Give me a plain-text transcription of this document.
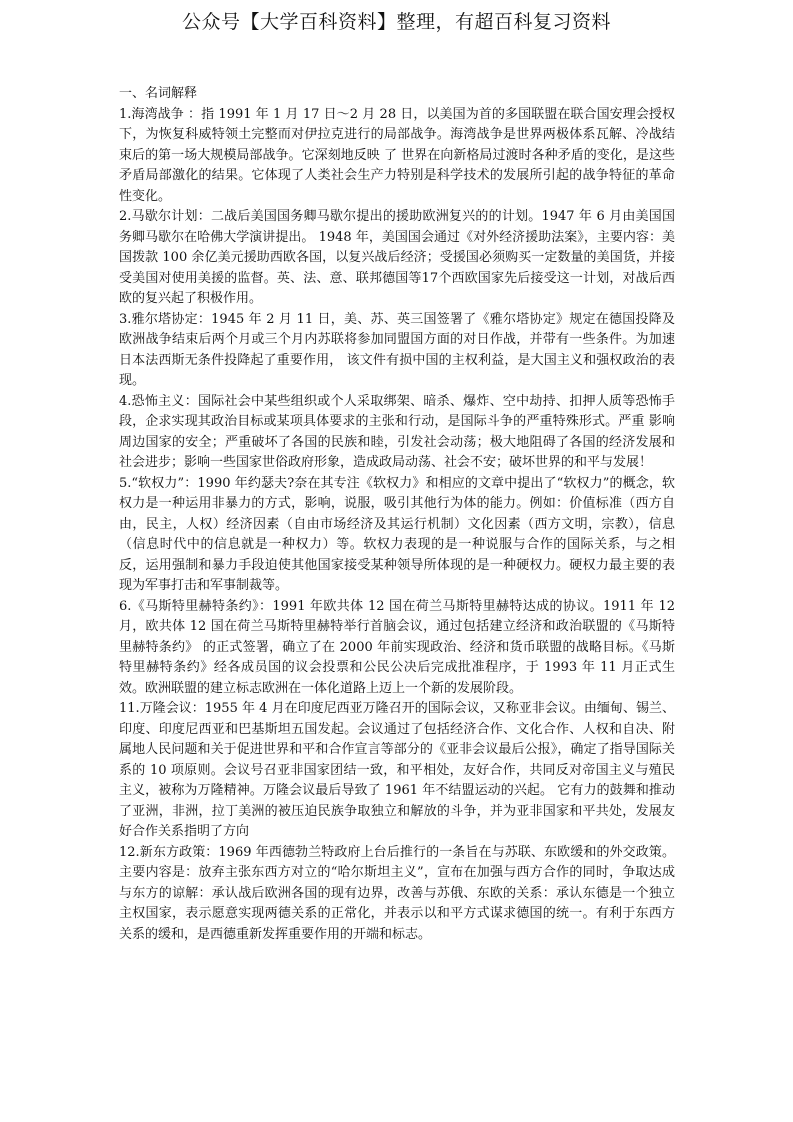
公众号【大学百科资料】整理，有超百科复习资料

一、名词解释

1.海湾战争 ：指 1991 年 1 月 17 日～2 月 28 日，以美国为首的多国联盟在联合国安理会授权下，为恢复科威特领土完整而对伊拉克进行的局部战争。海湾战争是世界两极体系瓦解、冷战结束后的第一场大规模局部战争。它深刻地反映 了 世界在向新格局过渡时各种矛盾的变化，是这些矛盾局部激化的结果。它体现了人类社会生产力特别是科学技术的发展所引起的战争特征的革命性变化。

2.马歇尔计划：二战后美国国务卿马歇尔提出的援助欧洲复兴的的计划。1947 年 6 月由美国国务卿马歇尔在哈佛大学演讲提出。 1948 年，美国国会通过《对外经济援助法案》，主要内容：美国拨款 100 余亿美元援助西欧各国，以复兴战后经济；受援国必须购买一定数量的美国货，并接受美国对使用美援的监督。英、法、意、联邦德国等17个西欧国家先后接受这一计划，对战后西欧的复兴起了积极作用。

3.雅尔塔协定：1945 年 2 月 11 日，美、苏、英三国签署了《雅尔塔协定》规定在德国投降及欧洲战争结束后两个月或三个月内苏联将参加同盟国方面的对日作战，并带有一些条件。为加速日本法西斯无条件投降起了重要作用， 该文件有损中国的主权利益，是大国主义和强权政治的表现。

4.恐怖主义：国际社会中某些组织或个人采取绑架、暗杀、爆炸、空中劫持、扣押人质等恐怖手段，企求实现其政治目标或某项具体要求的主张和行动，是国际斗争的严重特殊形式。严重 影响周边国家的安全；严重破坏了各国的民族和睦，引发社会动荡；极大地阻碍了各国的经济发展和社会进步；影响一些国家世俗政府形象，造成政局动荡、社会不安；破坏世界的和平与发展！

5.“软权力”：1990 年约瑟夫?奈在其专注《软权力》和相应的文章中提出了“软权力”的概念，软权力是一种运用非暴力的方式，影响，说服，吸引其他行为体的能力。例如：价值标准（西方自由，民主，人权）经济因素（自由市场经济及其运行机制）文化因素（西方文明，宗教），信息（信息时代中的信息就是一种权力）等。软权力表现的是一种说服与合作的国际关系，与之相反，运用强制和暴力手段迫使其他国家接受某种领导所体现的是一种硬权力。硬权力最主要的表现为军事打击和军事制裁等。

6.《马斯特里赫特条约》：1991 年欧共体 12 国在荷兰马斯特里赫特达成的协议。1911 年 12 月，欧共体 12 国在荷兰马斯特里赫特举行首脑会议，通过包括建立经济和政治联盟的《马斯特里赫特条约》 的正式签署，确立了在 2000 年前实现政治、经济和货币联盟的战略目标。《马斯特里赫特条约》经各成员国的议会投票和公民公决后完成批准程序，于 1993 年 11 月正式生效。欧洲联盟的建立标志欧洲在一体化道路上迈上一个新的发展阶段。

11.万隆会议：1955 年 4 月在印度尼西亚万隆召开的国际会议，又称亚非会议。由缅甸、锡兰、印度、印度尼西亚和巴基斯坦五国发起。会议通过了包括经济合作、文化合作、人权和自决、附属地人民问题和关于促进世界和平和合作宣言等部分的《亚非会议最后公报》，确定了指导国际关系的 10 项原则。会议号召亚非国家团结一致，和平相处，友好合作，共同反对帝国主义与殖民主义，被称为万隆精神。万隆会议最后导致了 1961 年不结盟运动的兴起。 它有力的鼓舞和推动了亚洲，非洲，拉丁美洲的被压迫民族争取独立和解放的斗争，并为亚非国家和平共处，发展友好合作关系指明了方向

12.新东方政策：1969 年西德勃兰特政府上台后推行的一条旨在与苏联、东欧缓和的外交政策。主要内容是：放弃主张东西方对立的“哈尔斯坦主义”，宣布在加强与西方合作的同时，争取达成与东方的谅解：承认战后欧洲各国的现有边界，改善与苏俄、东欧的关系：承认东德是一个独立主权国家，表示愿意实现两德关系的正常化，并表示以和平方式谋求德国的统一。有利于东西方关系的缓和，是西德重新发挥重要作用的开端和标志。
